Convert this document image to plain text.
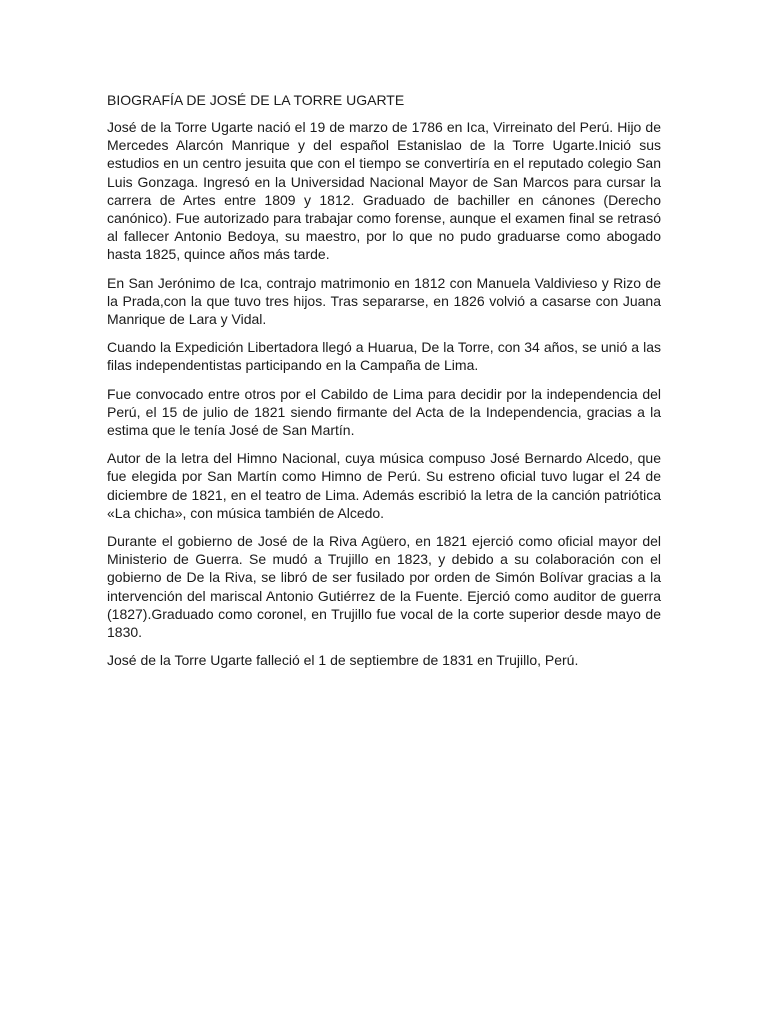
BIOGRAFÍA DE JOSÉ DE LA TORRE UGARTE

José de la Torre Ugarte nació el 19 de marzo de 1786 en Ica, Virreinato del Perú. Hijo de Mercedes Alarcón Manrique y del español Estanislao de la Torre Ugarte.Inició sus estudios en un centro jesuita que con el tiempo se convertiría en el reputado colegio San Luis Gonzaga. Ingresó en la Universidad Nacional Mayor de San Marcos para cursar la carrera de Artes entre 1809 y 1812. Graduado de bachiller en cánones (Derecho canónico). Fue autorizado para trabajar como forense, aunque el examen final se retrasó al fallecer Antonio Bedoya, su maestro, por lo que no pudo graduarse como abogado hasta 1825, quince años más tarde.

En San Jerónimo de Ica, contrajo matrimonio en 1812 con Manuela Valdivieso y Rizo de la Prada,con la que tuvo tres hijos. Tras separarse, en 1826 volvió a casarse con Juana Manrique de Lara y Vidal.

Cuando la Expedición Libertadora llegó a Huarua, De la Torre, con 34 años, se unió a las filas independentistas participando en la Campaña de Lima.

Fue convocado entre otros por el Cabildo de Lima para decidir por la independencia del Perú, el 15 de julio de 1821 siendo firmante del Acta de la Independencia, gracias a la estima que le tenía José de San Martín.

Autor de la letra del Himno Nacional, cuya música compuso José Bernardo Alcedo, que fue elegida por San Martín como Himno de Perú. Su estreno oficial tuvo lugar el 24 de diciembre de 1821, en el teatro de Lima. Además escribió la letra de la canción patriótica «La chicha», con música también de Alcedo.

Durante el gobierno de José de la Riva Agüero, en 1821 ejerció como oficial mayor del Ministerio de Guerra. Se mudó a Trujillo en 1823, y debido a su colaboración con el gobierno de De la Riva, se libró de ser fusilado por orden de Simón Bolívar gracias a la intervención del mariscal Antonio Gutiérrez de la Fuente. Ejerció como auditor de guerra (1827).Graduado como coronel, en Trujillo fue vocal de la corte superior desde mayo de 1830.

José de la Torre Ugarte falleció el 1 de septiembre de 1831 en Trujillo, Perú.
